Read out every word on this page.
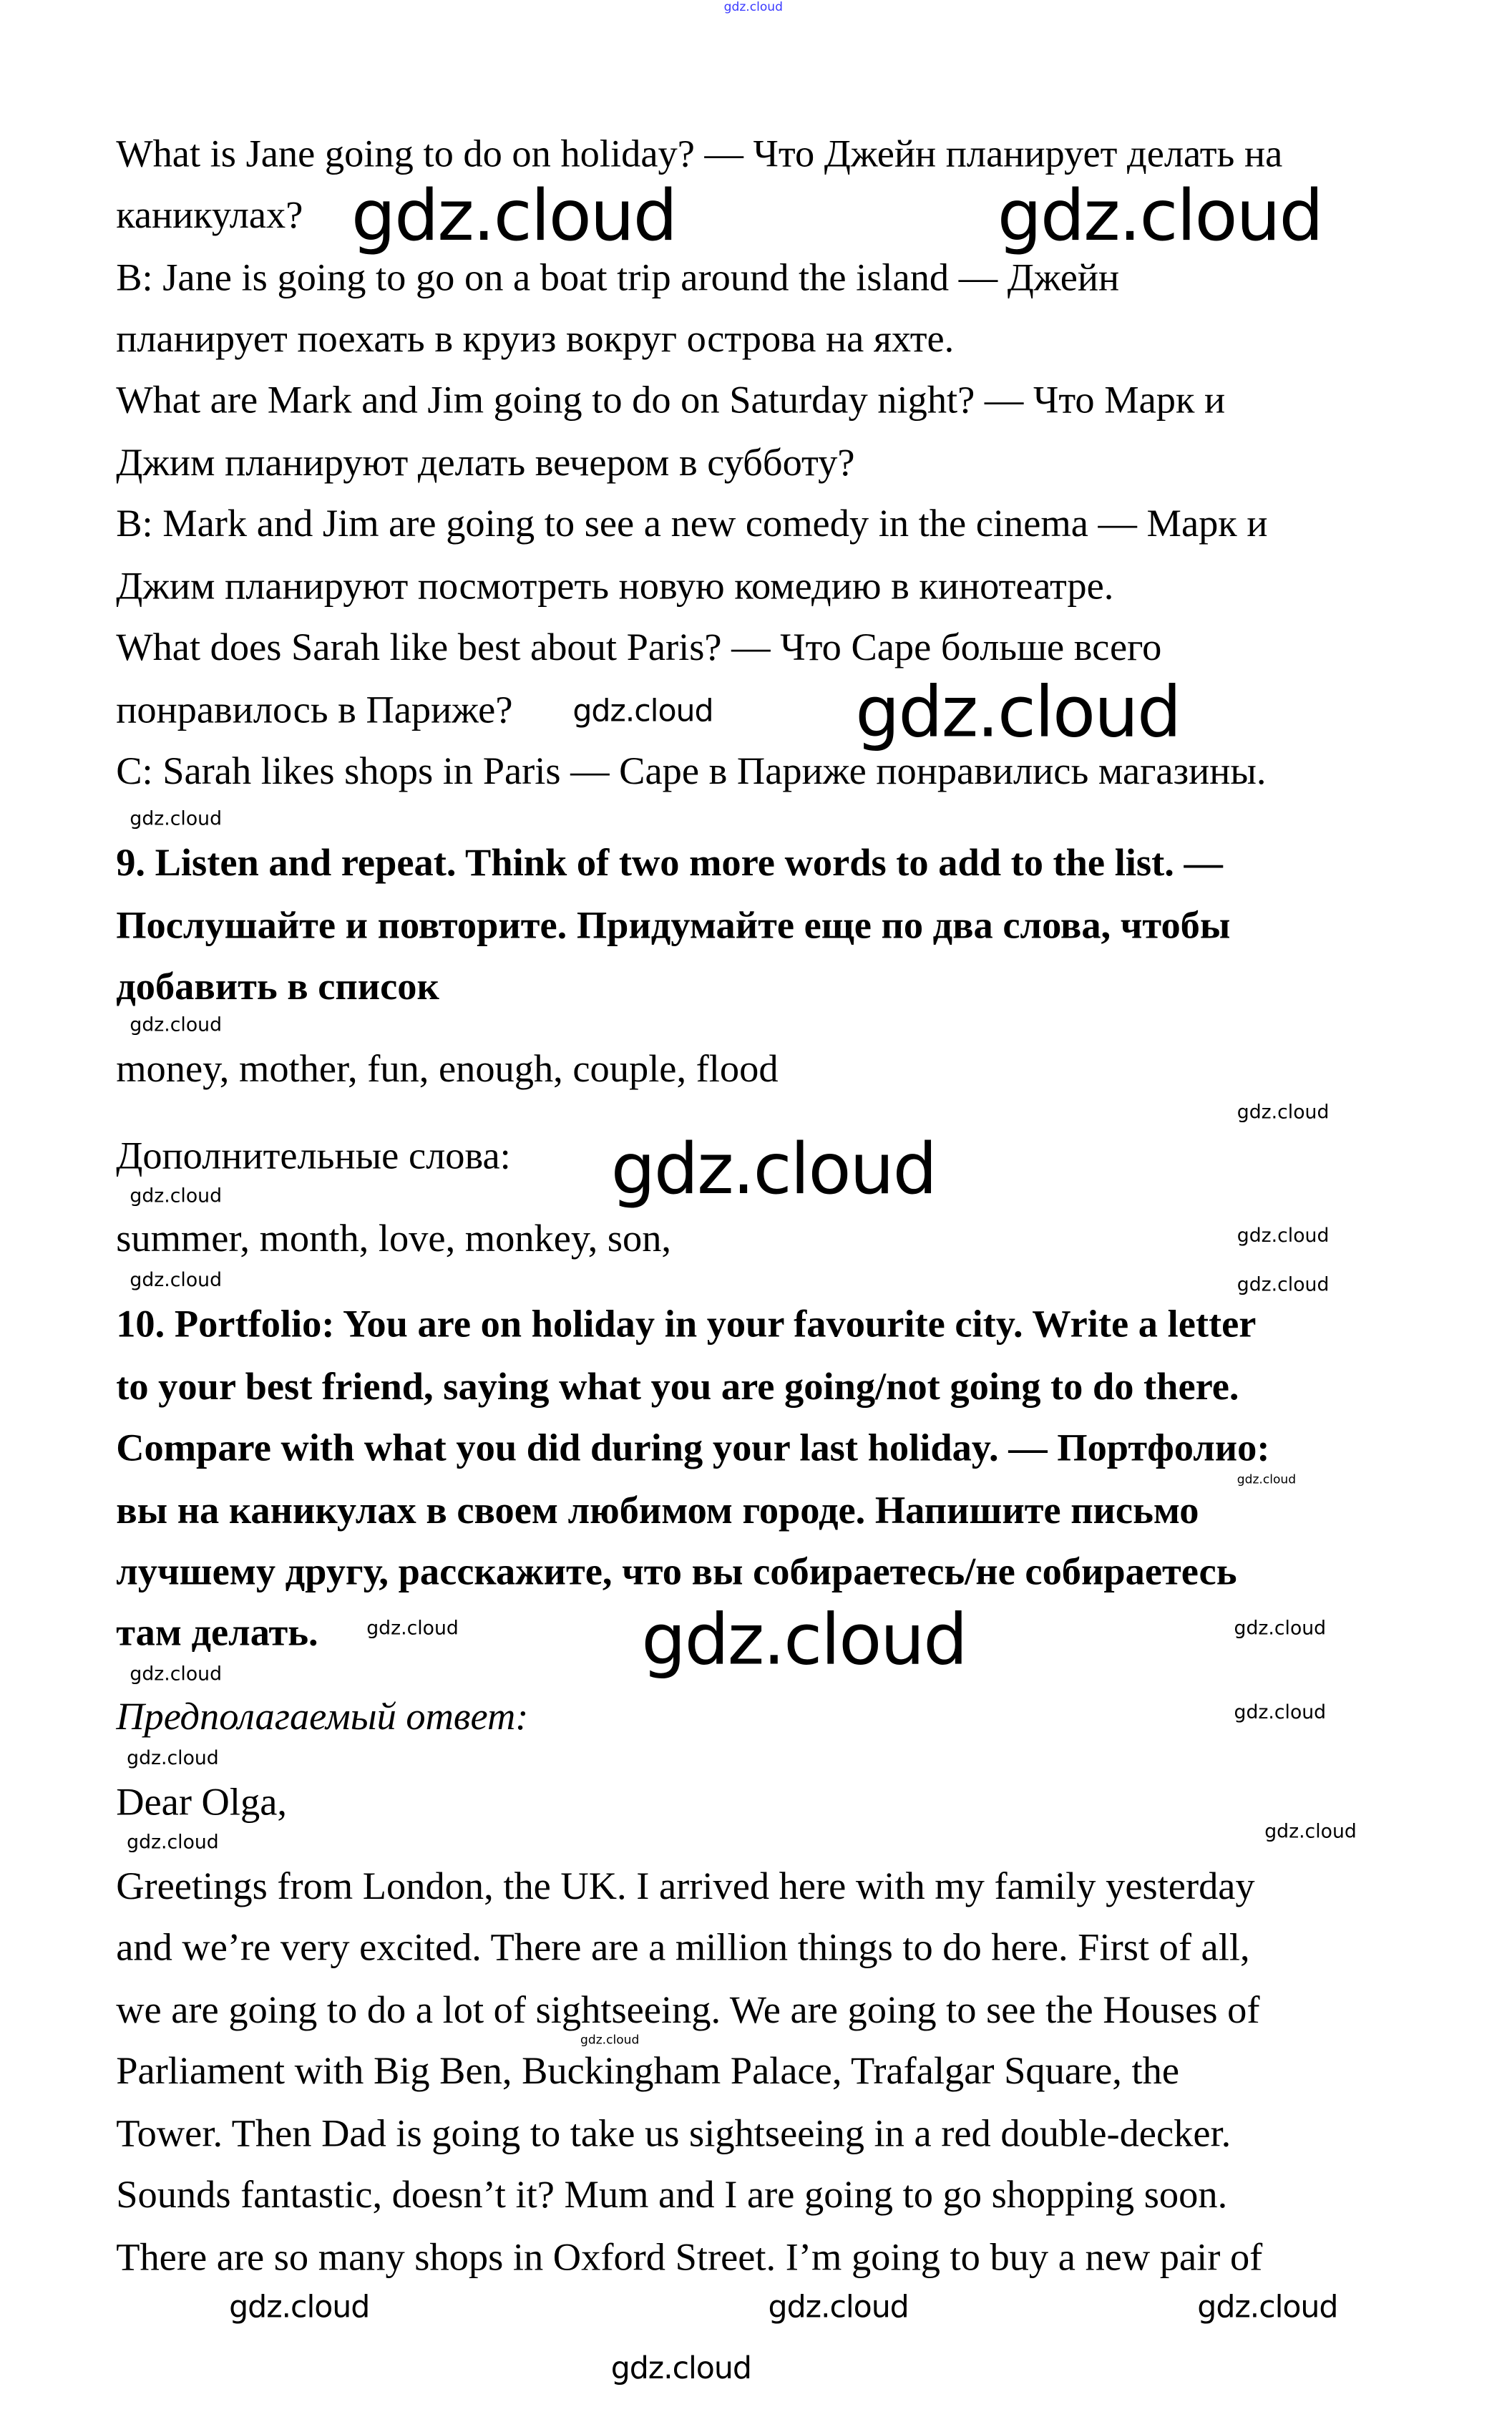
gdz.cloud
What is Jane going to do on holiday? — Что Джейн планирует делать на
каникулах?
B: Jane is going to go on a boat trip around the island — Джейн
планирует поехать в круиз вокруг острова на яхте.
What are Mark and Jim going to do on Saturday night? — Что Марк и
Джим планируют делать вечером в субботу?
B: Mark and Jim are going to see a new comedy in the cinema — Марк и
Джим планируют посмотреть новую комедию в кинотеатре.
What does Sarah like best about Paris? — Что Саре больше всего
понравилось в Париже?
C: Sarah likes shops in Paris — Саре в Париже понравились магазины.
9. Listen and repeat. Think of two more words to add to the list. —
Послушайте и повторите. Придумайте еще по два слова, чтобы
добавить в список
money, mother, fun, enough, couple, flood
Дополнительные слова:
summer, month, love, monkey, son,
10. Portfolio: You are on holiday in your favourite city. Write a letter
to your best friend, saying what you are going/not going to do there.
Compare with what you did during your last holiday. — Портфолио:
вы на каникулах в своем любимом городе. Напишите письмо
лучшему другу, расскажите, что вы собираетесь/не собираетесь
там делать.
Предполагаемый ответ:
Dear Olga,
Greetings from London, the UK. I arrived here with my family yesterday
and we’re very excited. There are a million things to do here. First of all,
we are going to do a lot of sightseeing. We are going to see the Houses of
Parliament with Big Ben, Buckingham Palace, Trafalgar Square, the
Tower. Then Dad is going to take us sightseeing in a red double-decker.
Sounds fantastic, doesn’t it? Mum and I are going to go shopping soon.
There are so many shops in Oxford Street. I’m going to buy a new pair of
gdz.cloud	gdz.cloud
gdz.cloud	gdz.cloud
gdz.cloud
gdz.cloud
gdz.cloud
gdz.cloud
gdz.cloud
gdz.cloud
gdz.cloud	gdz.cloud
gdz.cloud
gdz.cloud
gdz.cloud
gdz.cloud	gdz.cloud
gdz.cloud
gdz.cloud
gdz.cloud
gdz.cloud
gdz.cloud
gdz.cloud	gdz.cloud
gdz.cloud
gdz.cloud
